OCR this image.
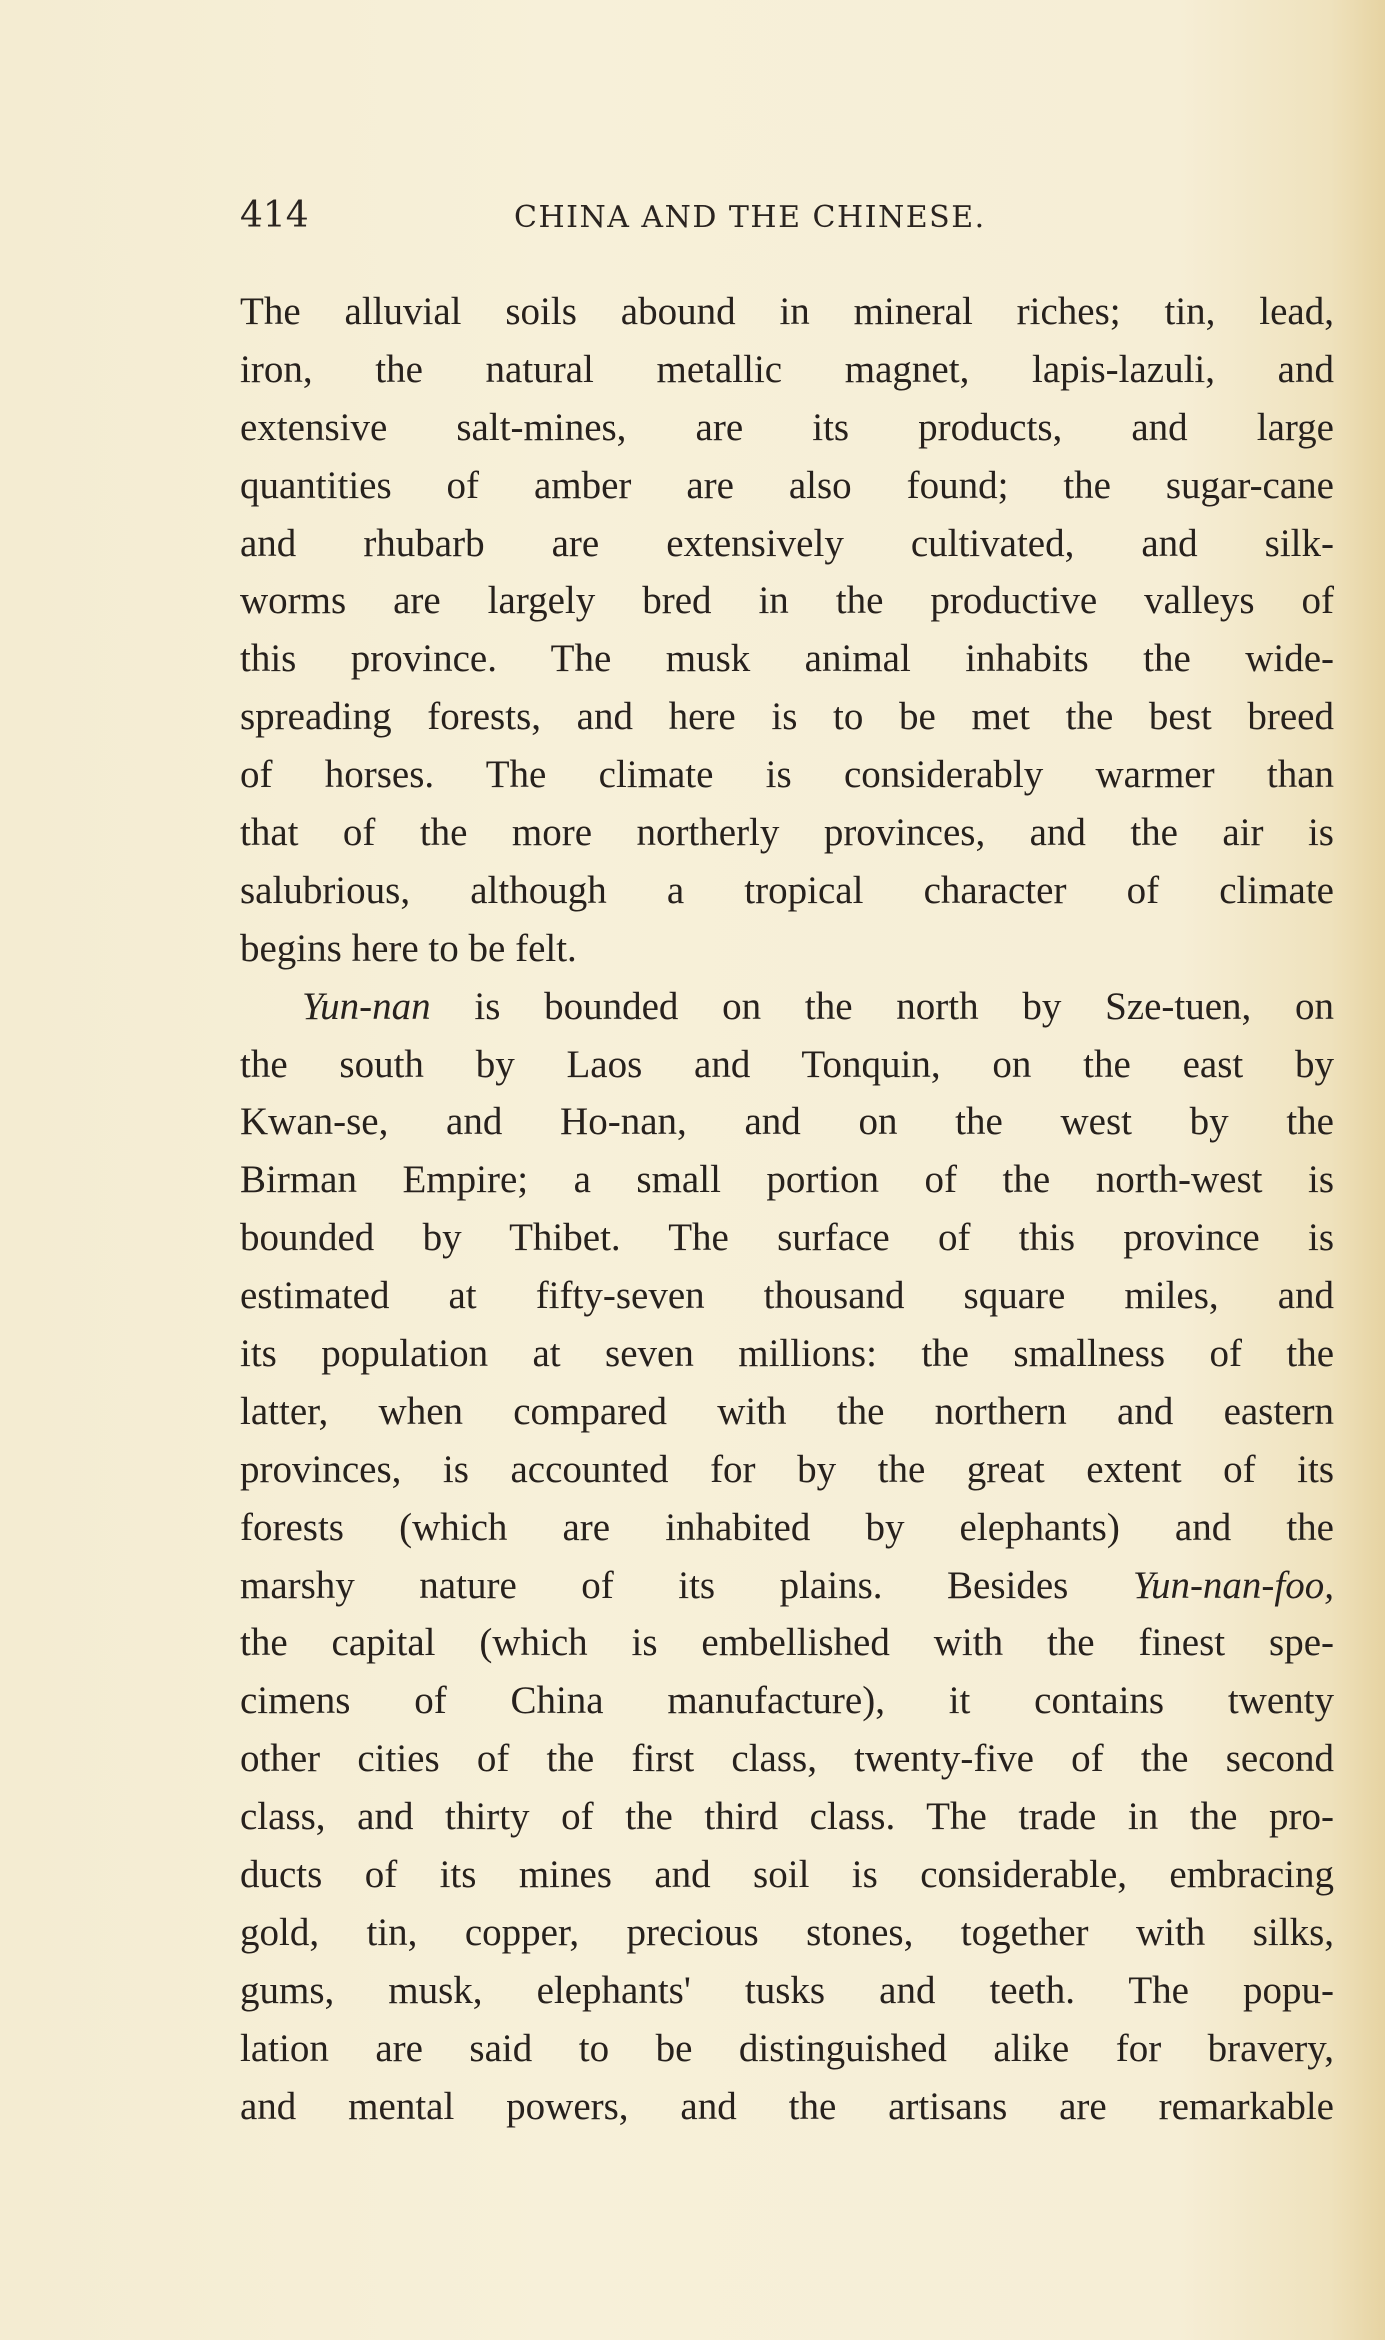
414	CHINA AND THE CHINESE.
The alluvial soils abound in mineral riches; tin, lead,
iron, the natural metallic magnet, lapis-lazuli, and
extensive salt-mines, are its products, and large
quantities of amber are also found; the sugar-cane
and rhubarb are extensively cultivated, and silk-
worms are largely bred in the productive valleys of
this province. The musk animal inhabits the wide-
spreading forests, and here is to be met the best breed
of horses. The climate is considerably warmer than
that of the more northerly provinces, and the air is
salubrious, although a tropical character of climate
begins here to be felt.
Yun-nan is bounded on the north by Sze-tuen, on
the south by Laos and Tonquin, on the east by
Kwan-se, and Ho-nan, and on the west by the
Birman Empire; a small portion of the north-west is
bounded by Thibet. The surface of this province is
estimated at fifty-seven thousand square miles, and
its population at seven millions: the smallness of the
latter, when compared with the northern and eastern
provinces, is accounted for by the great extent of its
forests (which are inhabited by elephants) and the
marshy nature of its plains. Besides Yun-nan-foo,
the capital (which is embellished with the finest spe-
cimens of China manufacture), it contains twenty
other cities of the first class, twenty-five of the second
class, and thirty of the third class. The trade in the pro-
ducts of its mines and soil is considerable, embracing
gold, tin, copper, precious stones, together with silks,
gums, musk, elephants' tusks and teeth. The popu-
lation are said to be distinguished alike for bravery,
and mental powers, and the artisans are remarkable
